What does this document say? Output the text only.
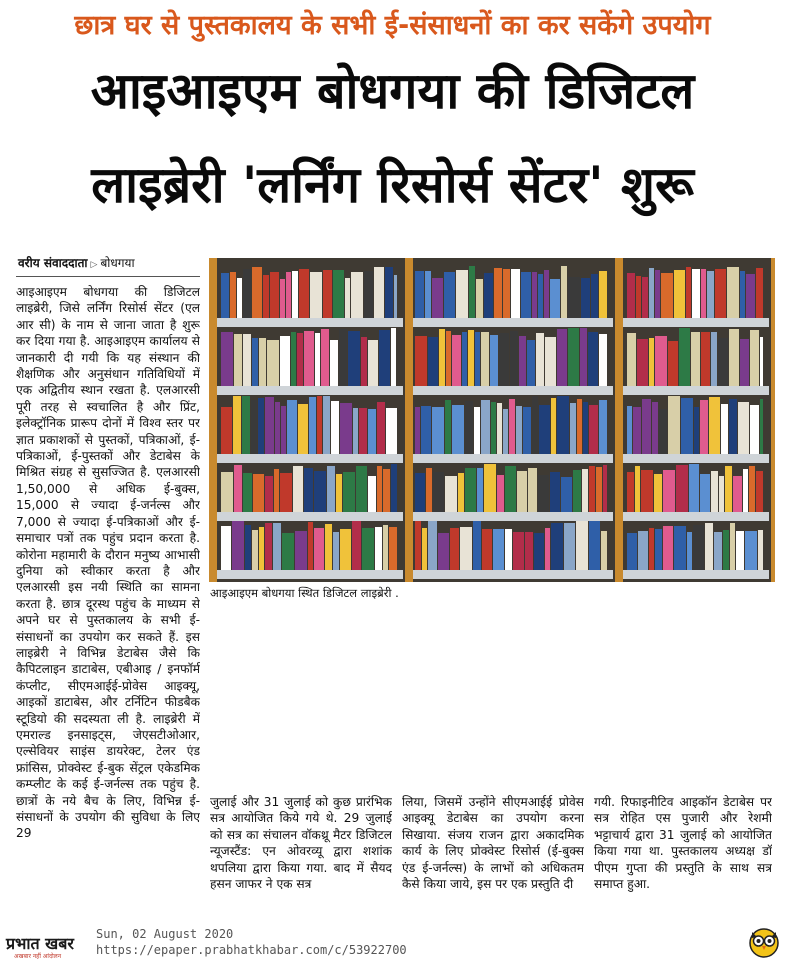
छात्र घर से पुस्तकालय के सभी ई-संसाधनों का कर सकेंगे उपयोग
आइआइएम बोधगया की डिजिटल
लाइब्रेरी 'लर्निंग रिसोर्स सेंटर' शुरू
वरीय संवाददाता ▷ बोधगया
आइआइएम बोधगया की डिजिटल लाइब्रेरी, जिसे लर्निंग रिसोर्स सेंटर (एल आर सी) के नाम से जाना जाता है शुरू कर दिया गया है. आइआइएम कार्यालय से जानकारी दी गयी कि यह संस्थान की शैक्षणिक और अनुसंधान गतिविधियों में एक अद्वितीय स्थान रखता है. एलआरसी पूरी तरह से स्वचालित है और प्रिंट, इलेक्ट्रॉनिक प्रारूप दोनों में विश्व स्तर पर ज्ञात प्रकाशकों से पुस्तकों, पत्रिकाओं, ई-पत्रिकाओं, ई-पुस्तकों और डेटाबेस के मिश्रित संग्रह से सुसज्जित है. एलआरसी 1,50,000 से अधिक ई-बुक्स, 15,000 से ज्यादा ई-जर्नल्स और 7,000 से ज्यादा ई-पत्रिकाओं और ई-समाचार पत्रों तक पहुंच प्रदान करता है. कोरोना महामारी के दौरान मनुष्य आभासी दुनिया को स्वीकार करता है और एलआरसी इस नयी स्थिति का सामना करता है. छात्र दूरस्थ पहुंच के माध्यम से अपने घर से पुस्तकालय के सभी ई-संसाधनों का उपयोग कर सकते हैं. इस लाइब्रेरी ने विभिन्न डेटाबेस जैसे कि कैपिटलाइन डाटाबेस, एबीआइ / इनफॉर्म कंप्लीट, सीएमआईई-प्रोवेस आइक्यू, आइकों डाटाबेस, और टर्निटिन फीडबैक स्टूडियो की सदस्यता ली है. लाइब्रेरी में एमराल्ड इनसाइट्स, जेएसटीओआर, एल्सेवियर साइंस डायरेक्ट, टेलर एंड फ्रांसिस, प्रोक्वेस्ट ई-बुक सेंट्रल एकेडमिक कम्प्लीट के कई ई-जर्नल्स तक पहुंच है. छात्रों के नये बैच के लिए, विभिन्न ई-संसाधनों के उपयोग की सुविधा के लिए 29
आइआइएम बोधगया स्थित डिजिटल लाइब्रेरी .
जुलाई और 31 जुलाई को कुछ प्रारंभिक सत्र आयोजित किये गये थे. 29 जुलाई को सत्र का संचालन वॉकथ्रू मैटर डिजिटल न्यूजस्टैंड: एन ओवरव्यू द्वारा शशांक थपलिया द्वारा किया गया. बाद में सैयद हसन जाफर ने एक सत्र
लिया, जिसमें उन्होंने सीएमआईई प्रोवेस आइक्यू डेटाबेस का उपयोग करना सिखाया. संजय राजन द्वारा अकादमिक कार्य के लिए प्रोक्वेस्ट रिसोर्स (ई-बुक्स एंड ई-जर्नल्स) के लाभों को अधिकतम कैसे किया जाये, इस पर एक प्रस्तुति दी
गयी. रिफाइनीटिव आइकॉन डेटाबेस पर सत्र रोहित एस पुजारी और रेशमी भट्टाचार्य द्वारा 31 जुलाई को आयोजित किया गया था. पुस्तकालय अध्यक्ष डॉ पीएम गुप्ता की प्रस्तुति के साथ सत्र समाप्त हुआ.
प्रभात खबर
अखबार नहीं आंदोलन
Sun, 02 August 2020
https://epaper.prabhatkhabar.com/c/53922700
